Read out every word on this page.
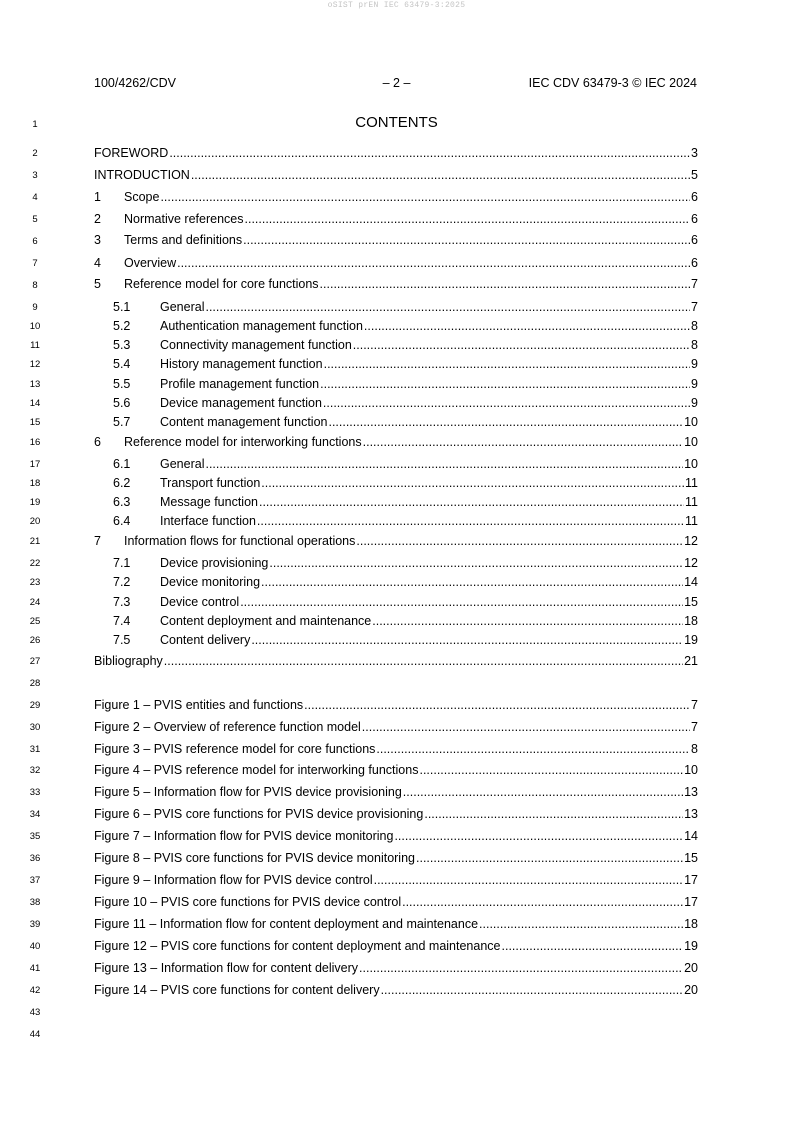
oSIST prEN IEC 63479-3:2025
100/4262/CDV	– 2 –	IEC CDV 63479-3 © IEC 2024
CONTENTS
1
2
3
4
5
6
7
8
9
10
11
12
13
14
15
16
17
18
19
20
21
22
23
24
25
26
27
28
29
30
31
32
33
34
35
36
37
38
39
40
41
42
43
44
FOREWORD .....	3
INTRODUCTION .....	5
1	Scope .....	6
2	Normative references .....	6
3	Terms and definitions .....	6
4	Overview .....	6
5	Reference model for core functions .....	7
5.1	General .....	7
5.2	Authentication management function .....	8
5.3	Connectivity management function .....	8
5.4	History management function .....	9
5.5	Profile management function .....	9
5.6	Device management function .....	9
5.7	Content management function .....	10
6	Reference model for interworking functions .....	10
6.1	General .....	10
6.2	Transport function .....	11
6.3	Message function .....	11
6.4	Interface function .....	11
7	Information flows for functional operations .....	12
7.1	Device provisioning .....	12
7.2	Device monitoring .....	14
7.3	Device control .....	15
7.4	Content deployment and maintenance .....	18
7.5	Content delivery .....	19
Bibliography .....	21
Figure 1 – PVIS entities and functions .....	7
Figure 2 – Overview of reference function model .....	7
Figure 3 – PVIS reference model for core functions .....	8
Figure 4 – PVIS reference model for interworking functions .....	10
Figure 5 – Information flow for PVIS device provisioning .....	13
Figure 6 – PVIS core functions for PVIS device provisioning .....	13
Figure 7 – Information flow for PVIS device monitoring .....	14
Figure 8 – PVIS core functions for PVIS device monitoring .....	15
Figure 9 – Information flow for PVIS device control .....	17
Figure 10 – PVIS core functions for PVIS device control .....	17
Figure 11 – Information flow for content deployment and maintenance .....	18
Figure 12 – PVIS core functions for content deployment and maintenance .....	19
Figure 13 – Information flow for content delivery .....	20
Figure 14 – PVIS core functions for content delivery .....	20
